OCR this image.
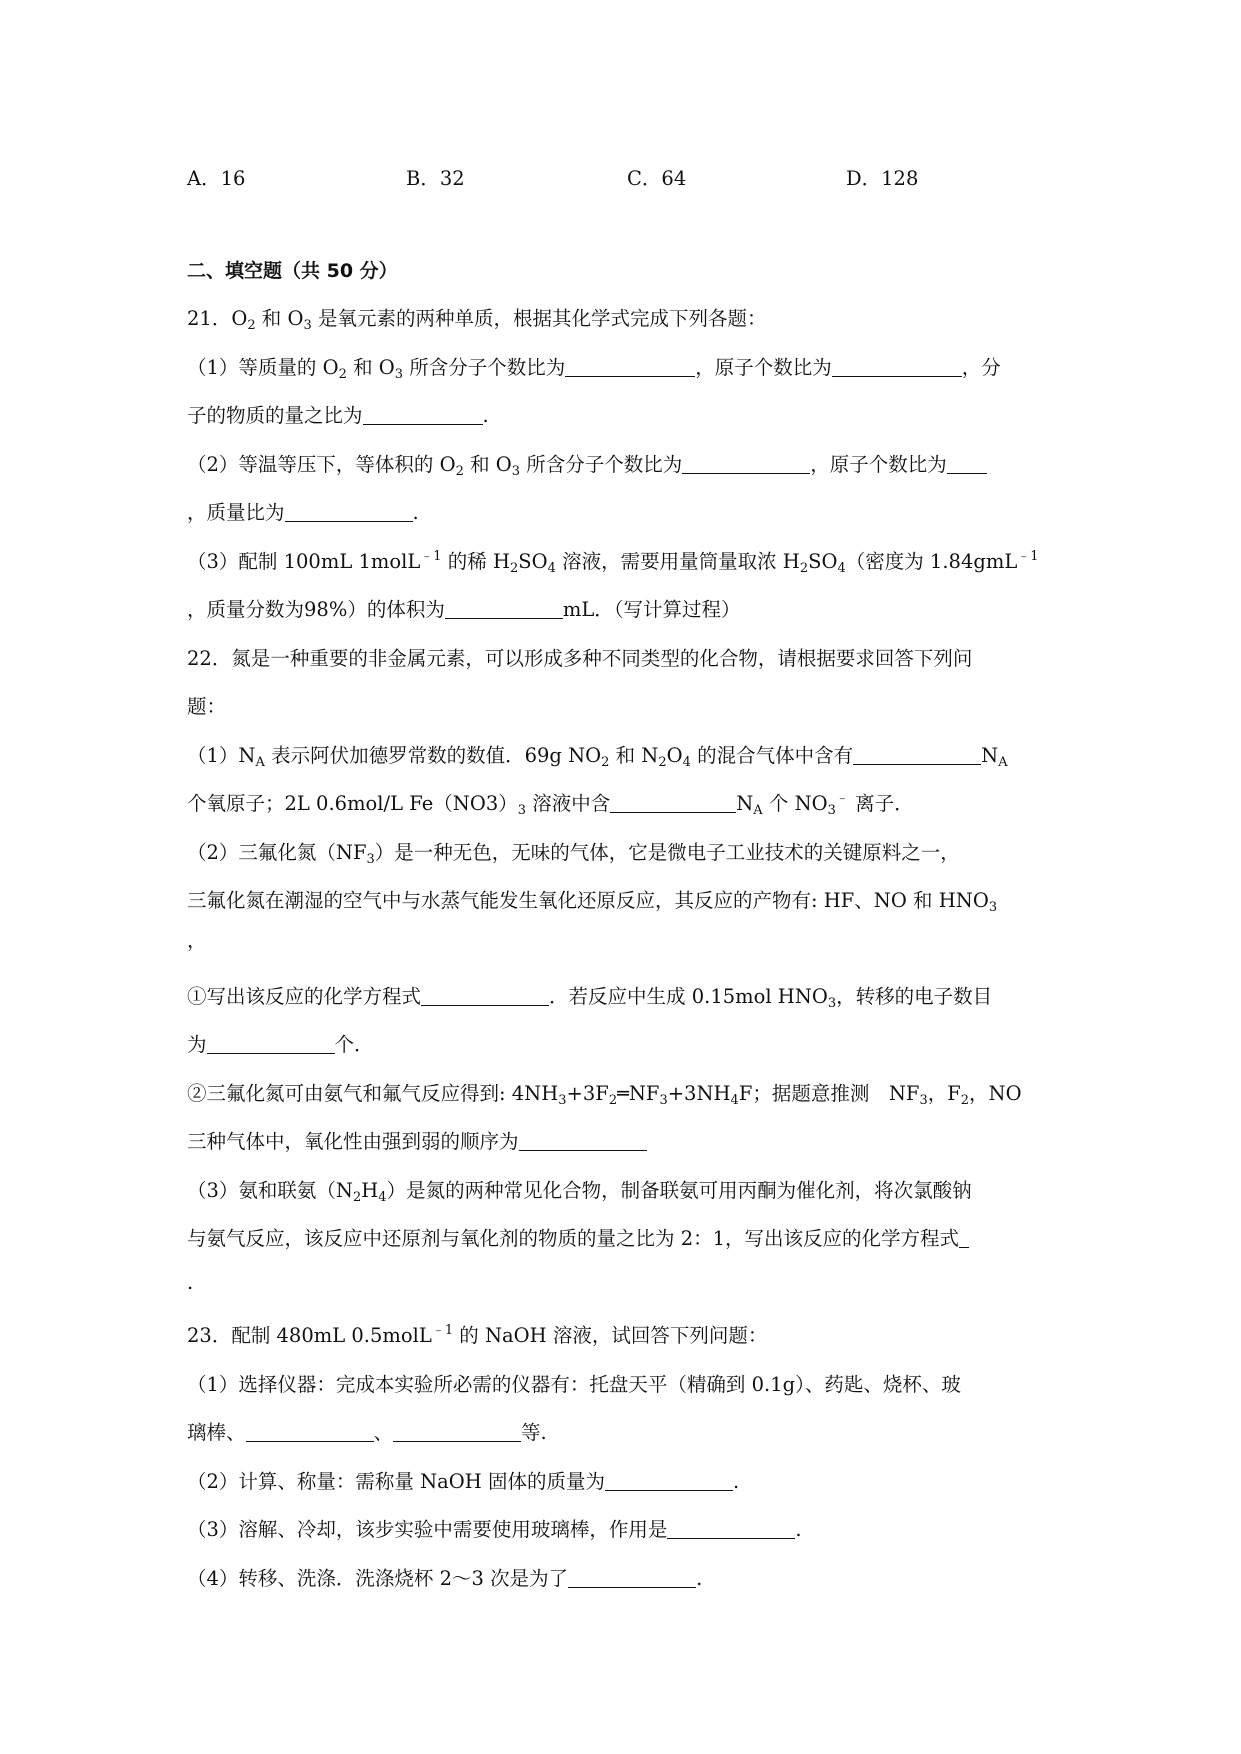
A．16	B．32	C．64	D．128
二、填空题（共 50 分）
21．$O_2$ 和 $O_3$ 是氧元素的两种单质，根据其化学式完成下列各题：
（1）等质量的 $O_2$ 和 $O_3$ 所含分子个数比为	，原子个数比为	，分
子的物质的量之比为	.
（2）等温等压下，等体积的 $O_2$ 和 $O_3$ 所含分子个数比为	，原子个数比为
，质量比为	.
（3）配制 100mL 1molL$^{﹣1}$ 的稀 $H_2SO_4$ 溶液，需要用量筒量取浓 $H_2SO_4$（密度为 1.84gmL$^{﹣1}$
，质量分数为98%）的体积为	mL．（写计算过程）
22．氮是一种重要的非金属元素，可以形成多种不同类型的化合物，请根据要求回答下列问
题：
$(1)N_A$ 表示阿伏加德罗常数的数值．69g $NO_2$ 和 $N_2O_4$ 的混合气体中含有	$N_A$
个氧原子；2L 0.6mol/L $Fe(NO3)_3$ 溶液中含	$N_A$ 个 $NO_3^﹣$ 离子．
（2）三氟化氮$(NF_3)$是一种无色，无味的气体，它是微电子工业技术的关键原料之一，
三氟化氮在潮湿的空气中与水蒸气能发生氧化还原反应，其反应的产物有: HF、NO 和 $HNO_3$
，
①写出该反应的化学方程式	．若反应中生成 0.15mol $HNO_3$，转移的电子数目
为	个．
②三氟化氮可由氨气和氟气反应得到: $4NH_3+3F_2═NF_3+3NH_4F$；据题意推测　$NF_3$，$F_2$，NO
三种气体中，氧化性由强到弱的顺序为
（3）氨和联氨$(N_2H_4)$是氮的两种常见化合物，制备联氨可用丙酮为催化剂，将次氯酸钠
与氨气反应，该反应中还原剂与氧化剂的物质的量之比为 2：1，写出该反应的化学方程式
.
23．配制 480mL 0.5molL$^{﹣1}$ 的 NaOH 溶液，试回答下列问题：
（1）选择仪器：完成本实验所必需的仪器有：托盘天平（精确到 0.1g）、药匙、烧杯、玻
璃棒、	、	等.
（2）计算、称量：需称量 NaOH 固体的质量为	.
（3）溶解、冷却，该步实验中需要使用玻璃棒，作用是	.
（4）转移、洗涤．洗涤烧杯 2～3 次是为了	.
